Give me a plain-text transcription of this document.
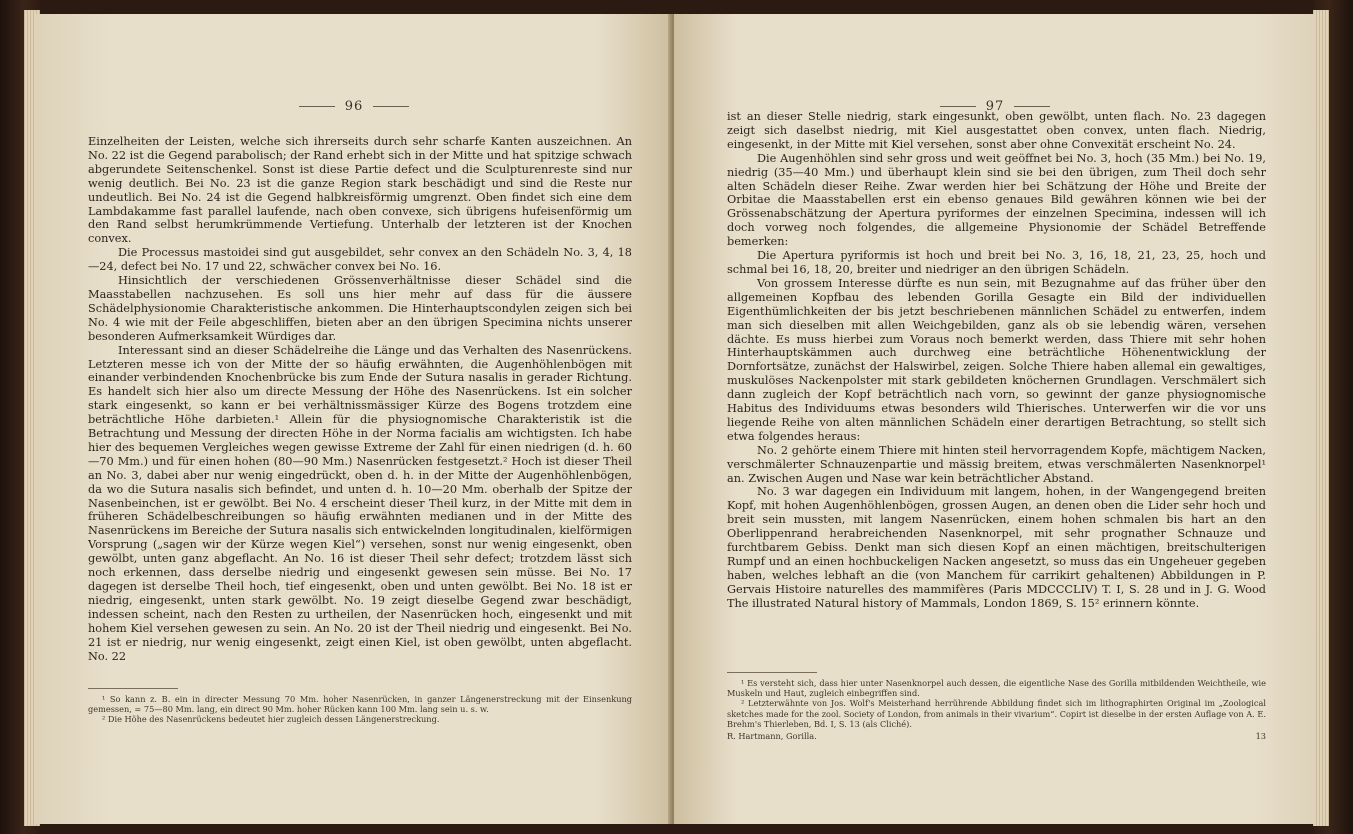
96

Einzelheiten der Leisten, welche sich ihrerseits durch sehr scharfe Kanten auszeichnen. An No. 22 ist die Gegend parabolisch; der Rand erhebt sich in der Mitte und hat spitzige schwach abgerundete Seitenschenkel. Sonst ist diese Partie defect und die Sculpturenreste sind nur wenig deutlich. Bei No. 23 ist die ganze Region stark beschädigt und sind die Reste nur undeutlich. Bei No. 24 ist die Gegend halbkreisförmig umgrenzt. Oben findet sich eine dem Lambdakamme fast parallel laufende, nach oben convexe, sich übrigens hufeisenförmig um den Rand selbst herumkrümmende Vertiefung. Unterhalb der letzteren ist der Knochen convex.

Die Processus mastoidei sind gut ausgebildet, sehr convex an den Schädeln No. 3, 4, 18—24, defect bei No. 17 und 22, schwächer convex bei No. 16.

Hinsichtlich der verschiedenen Grössenverhältnisse dieser Schädel sind die Maasstabellen nachzusehen. Es soll uns hier mehr auf dass für die äussere Schädelphysionomie Charakteristische ankommen. Die Hinterhauptscondylen zeigen sich bei No. 4 wie mit der Feile abgeschliffen, bieten aber an den übrigen Specimina nichts unserer besonderen Aufmerksamkeit Würdiges dar.

Interessant sind an dieser Schädelreihe die Länge und das Verhalten des Nasenrückens. Letzteren messe ich von der Mitte der so häufig erwähnten, die Augenhöhlenbögen mit einander verbindenden Knochenbrücke bis zum Ende der Sutura nasalis in gerader Richtung. Es handelt sich hier also um directe Messung der Höhe des Nasenrückens. Ist ein solcher stark eingesenkt, so kann er bei verhältnissmässiger Kürze des Bogens trotzdem eine beträchtliche Höhe darbieten.¹ Allein für die physiognomische Charakteristik ist die Betrachtung und Messung der directen Höhe in der Norma facialis am wichtigsten. Ich habe hier des bequemen Vergleiches wegen gewisse Extreme der Zahl für einen niedrigen (d. h. 60—70 Mm.) und für einen hohen (80—90 Mm.) Nasenrücken festgesetzt.² Hoch ist dieser Theil an No. 3, dabei aber nur wenig eingedrückt, oben d. h. in der Mitte der Augenhöhlenbögen, da wo die Sutura nasalis sich befindet, und unten d. h. 10—20 Mm. oberhalb der Spitze der Nasenbeinchen, ist er gewölbt. Bei No. 4 erscheint dieser Theil kurz, in der Mitte mit dem in früheren Schädelbeschreibungen so häufig erwähnten medianen und in der Mitte des Nasenrückens im Bereiche der Sutura nasalis sich entwickelnden longitudinalen, kielförmigen Vorsprung („sagen wir der Kürze wegen Kiel“) versehen, sonst nur wenig eingesenkt, oben gewölbt, unten ganz abgeflacht. An No. 16 ist dieser Theil sehr defect; trotzdem lässt sich noch erkennen, dass derselbe niedrig und eingesenkt gewesen sein müsse. Bei No. 17 dagegen ist derselbe Theil hoch, tief eingesenkt, oben und unten gewölbt. Bei No. 18 ist er niedrig, eingesenkt, unten stark gewölbt. No. 19 zeigt dieselbe Gegend zwar beschädigt, indessen scheint, nach den Resten zu urtheilen, der Nasenrücken hoch, eingesenkt und mit hohem Kiel versehen gewesen zu sein. An No. 20 ist der Theil niedrig und eingesenkt. Bei No. 21 ist er niedrig, nur wenig eingesenkt, zeigt einen Kiel, ist oben gewölbt, unten abgeflacht. No. 22

¹ So kann z. B. ein in directer Messung 70 Mm. hoher Nasenrücken, in ganzer Längenerstreckung mit der Einsenkung gemessen, = 75—80 Mm. lang, ein direct 90 Mm. hoher Rücken kann 100 Mm. lang sein u. s. w.

² Die Höhe des Nasenrückens bedeutet hier zugleich dessen Längenerstreckung.

97

ist an dieser Stelle niedrig, stark eingesunkt, oben gewölbt, unten flach. No. 23 dagegen zeigt sich daselbst niedrig, mit Kiel ausgestattet oben convex, unten flach. Niedrig, eingesenkt, in der Mitte mit Kiel versehen, sonst aber ohne Convexität erscheint No. 24.

Die Augenhöhlen sind sehr gross und weit geöffnet bei No. 3, hoch (35 Mm.) bei No. 19, niedrig (35—40 Mm.) und überhaupt klein sind sie bei den übrigen, zum Theil doch sehr alten Schädeln dieser Reihe. Zwar werden hier bei Schätzung der Höhe und Breite der Orbitae die Maasstabellen erst ein ebenso genaues Bild gewähren können wie bei der Grössenabschätzung der Apertura pyriformes der einzelnen Specimina, indessen will ich doch vorweg noch folgendes, die allgemeine Physionomie der Schädel Betreffende bemerken:

Die Apertura pyriformis ist hoch und breit bei No. 3, 16, 18, 21, 23, 25, hoch und schmal bei 16, 18, 20, breiter und niedriger an den übrigen Schädeln.

Von grossem Interesse dürfte es nun sein, mit Bezugnahme auf das früher über den allgemeinen Kopfbau des lebenden Gorilla Gesagte ein Bild der individuellen Eigenthümlichkeiten der bis jetzt beschriebenen männlichen Schädel zu entwerfen, indem man sich dieselben mit allen Weichgebilden, ganz als ob sie lebendig wären, versehen dächte. Es muss hierbei zum Voraus noch bemerkt werden, dass Thiere mit sehr hohen Hinterhauptskämmen auch durchweg eine beträchtliche Höhenentwicklung der Dornfortsätze, zunächst der Halswirbel, zeigen. Solche Thiere haben allemal ein gewaltiges, muskulöses Nackenpolster mit stark gebildeten knöchernen Grundlagen. Verschmälert sich dann zugleich der Kopf beträchtlich nach vorn, so gewinnt der ganze physiognomische Habitus des Individuums etwas besonders wild Thierisches. Unterwerfen wir die vor uns liegende Reihe von alten männlichen Schädeln einer derartigen Betrachtung, so stellt sich etwa folgendes heraus:

No. 2 gehörte einem Thiere mit hinten steil hervorragendem Kopfe, mächtigem Nacken, verschmälerter Schnauzenpartie und mässig breitem, etwas verschmälerten Nasenknorpel¹ an. Zwischen Augen und Nase war kein beträchtlicher Abstand.

No. 3 war dagegen ein Individuum mit langem, hohen, in der Wangengegend breiten Kopf, mit hohen Augenhöhlenbögen, grossen Augen, an denen oben die Lider sehr hoch und breit sein mussten, mit langem Nasenrücken, einem hohen schmalen bis hart an den Oberlippenrand herabreichenden Nasenknorpel, mit sehr prognather Schnauze und furchtbarem Gebiss. Denkt man sich diesen Kopf an einen mächtigen, breitschulterigen Rumpf und an einen hochbuckeligen Nacken angesetzt, so muss das ein Ungeheuer gegeben haben, welches lebhaft an die (von Manchem für carrikirt gehaltenen) Abbildungen in P. Gervais Histoire naturelles des mammifères (Paris MDCCCLIV) T. I, S. 28 und in J. G. Wood The illustrated Natural history of Mammals, London 1869, S. 15² erinnern könnte.

¹ Es versteht sich, dass hier unter Nasenknorpel auch dessen, die eigentliche Nase des Gorilla mitbildenden Weichtheile, wie Muskeln und Haut, zugleich einbegriffen sind.

² Letzterwähnte von Jos. Wolf's Meisterhand herrührende Abbildung findet sich im lithographirten Original im „Zoological sketches made for the zool. Society of London, from animals in their vivarium“. Copirt ist dieselbe in der ersten Auflage von A. E. Brehm's Thierleben, Bd. I, S. 13 (als Cliché).

R. Hartmann, Gorilla.	13
